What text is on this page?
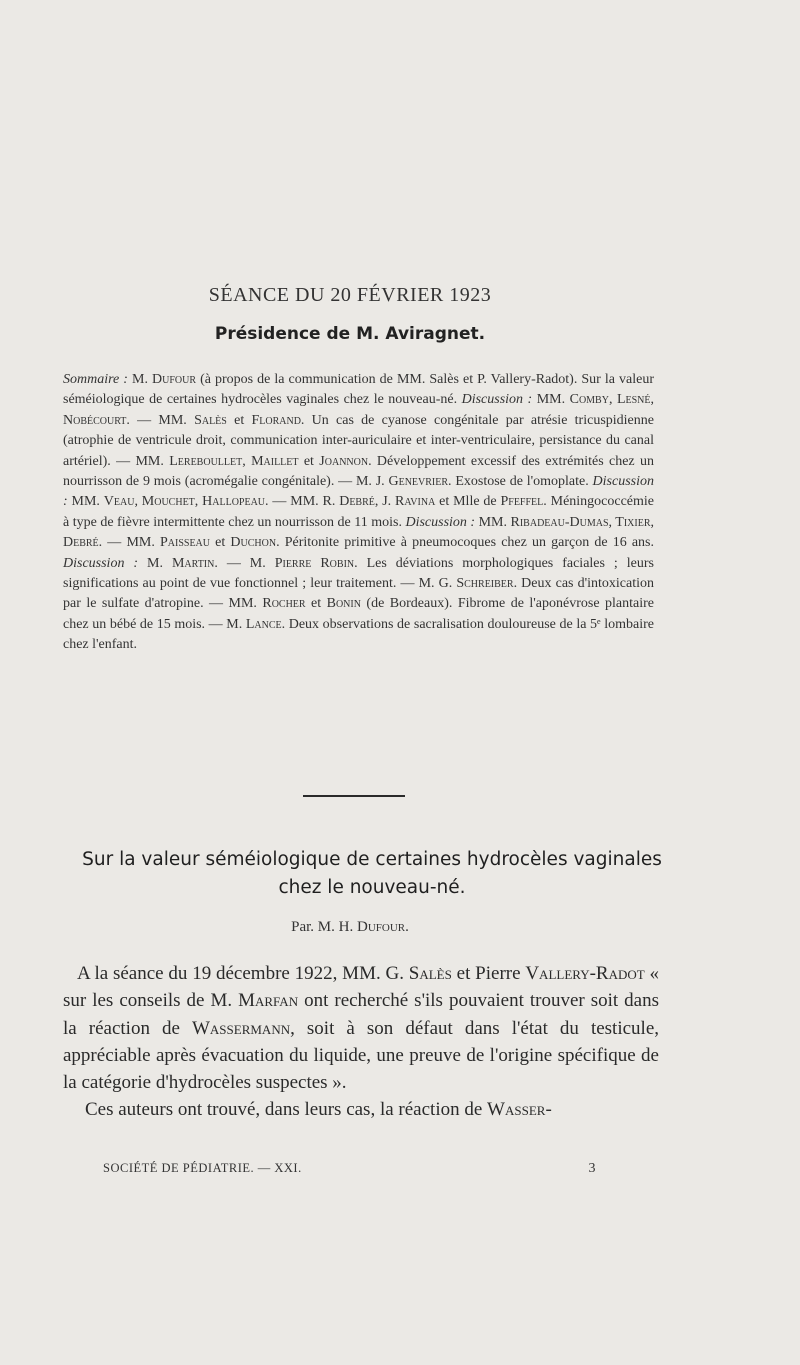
SÉANCE DU 20 FÉVRIER 1923
Présidence de M. Aviragnet.
Sommaire : M. Dufour (à propos de la communication de MM. Salès et P. Vallery-Radot). Sur la valeur séméiologique de certaines hydrocèles vaginales chez le nouveau-né. Discussion : MM. Comby, Lesné, Nobécourt. — MM. Salès et Florand. Un cas de cyanose congénitale par atrésie tricuspidienne (atrophie de ventricule droit, communication inter-auriculaire et inter-ventriculaire, persistance du canal artériel). — MM. Lereboullet, Maillet et Joannon. Développement excessif des extrémités chez un nourrisson de 9 mois (acromégalie congénitale). — M. J. Genevrier. Exostose de l'omoplate. Discussion : MM. Veau, Mouchet, Hallopeau. — MM. R. Debré, J. Ravina et Mlle de Pfeffel. Méningococcémie à type de fièvre intermittente chez un nourrisson de 11 mois. Discussion : MM. Ribadeau-Dumas, Tixier, Debré. — MM. Paisseau et Duchon. Péritonite primitive à pneumocoques chez un garçon de 16 ans. Discussion : M. Martin. — M. Pierre Robin. Les déviations morphologiques faciales ; leurs significations au point de vue fonctionnel ; leur traitement. — M. G. Schreiber. Deux cas d'intoxication par le sulfate d'atropine. — MM. Rocher et Bonin (de Bordeaux). Fibrome de l'aponévrose plantaire chez un bébé de 15 mois. — M. Lance. Deux observations de sacralisation douloureuse de la 5ᵉ lombaire chez l'enfant.
Sur la valeur séméiologique de certaines hydrocèles vaginales
chez le nouveau-né.
Par. M. H. Dufour.

A la séance du 19 décembre 1922, MM. G. Salès et Pierre Vallery-Radot « sur les conseils de M. Marfan ont recherché s'ils pouvaient trouver soit dans la réaction de Wassermann, soit à son défaut dans l'état du testicule, appréciable après évacuation du liquide, une preuve de l'origine spécifique de la catégorie d'hydrocèles suspectes ».

Ces auteurs ont trouvé, dans leurs cas, la réaction de Wasser-

SOCIÉTÉ DE PÉDIATRIE. — XXI.	3
